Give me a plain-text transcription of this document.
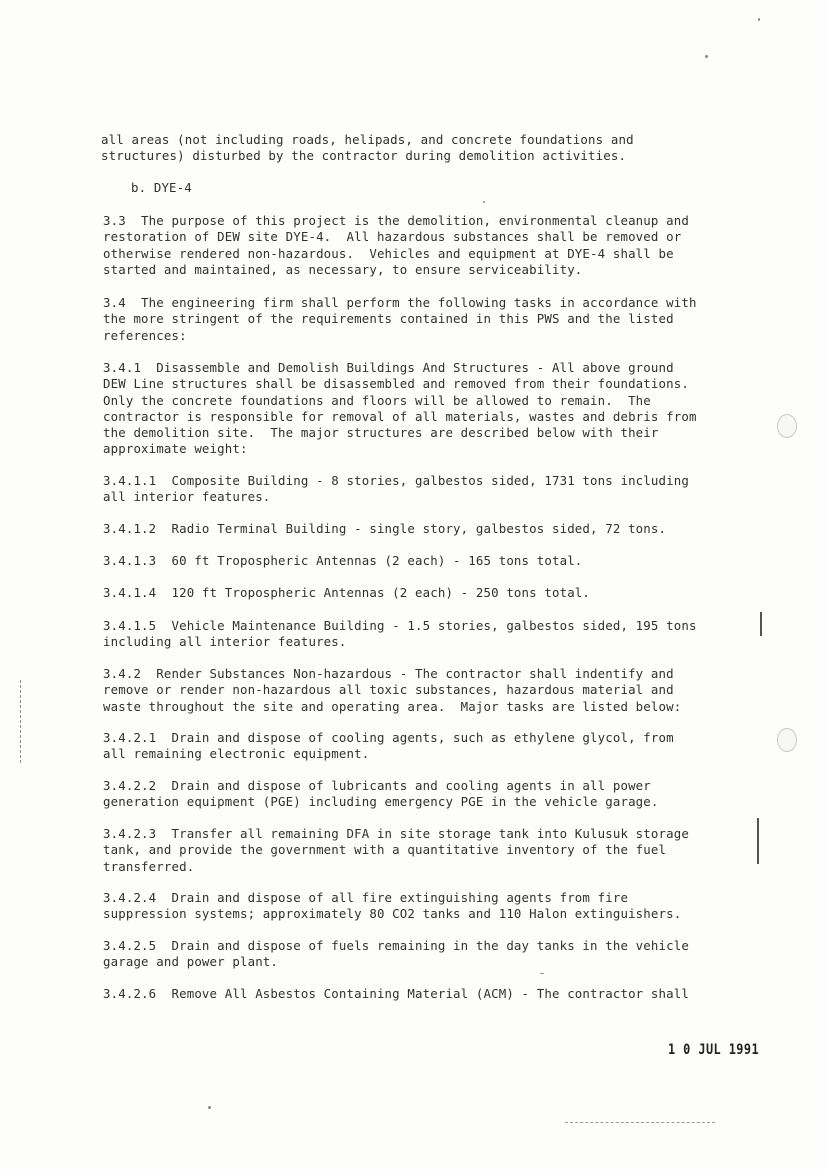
all areas (not including roads, helipads, and concrete foundations and
structures) disturbed by the contractor during demolition activities.

b. DYE-4

3.3  The purpose of this project is the demolition, environmental cleanup and
restoration of DEW site DYE-4.  All hazardous substances shall be removed or
otherwise rendered non-hazardous.  Vehicles and equipment at DYE-4 shall be
started and maintained, as necessary, to ensure serviceability.

3.4  The engineering firm shall perform the following tasks in accordance with
the more stringent of the requirements contained in this PWS and the listed
references:

3.4.1  Disassemble and Demolish Buildings And Structures - All above ground
DEW Line structures shall be disassembled and removed from their foundations.
Only the concrete foundations and floors will be allowed to remain.  The
contractor is responsible for removal of all materials, wastes and debris from
the demolition site.  The major structures are described below with their
approximate weight:

3.4.1.1  Composite Building - 8 stories, galbestos sided, 1731 tons including
all interior features.

3.4.1.2  Radio Terminal Building - single story, galbestos sided, 72 tons.

3.4.1.3  60 ft Tropospheric Antennas (2 each) - 165 tons total.

3.4.1.4  120 ft Tropospheric Antennas (2 each) - 250 tons total.

3.4.1.5  Vehicle Maintenance Building - 1.5 stories, galbestos sided, 195 tons
including all interior features.

3.4.2  Render Substances Non-hazardous - The contractor shall indentify and
remove or render non-hazardous all toxic substances, hazardous material and
waste throughout the site and operating area.  Major tasks are listed below:

3.4.2.1  Drain and dispose of cooling agents, such as ethylene glycol, from
all remaining electronic equipment.

3.4.2.2  Drain and dispose of lubricants and cooling agents in all power
generation equipment (PGE) including emergency PGE in the vehicle garage.

3.4.2.3  Transfer all remaining DFA in site storage tank into Kulusuk storage
tank, and provide the government with a quantitative inventory of the fuel
transferred.

3.4.2.4  Drain and dispose of all fire extinguishing agents from fire
suppression systems; approximately 80 CO2 tanks and 110 Halon extinguishers.

3.4.2.5  Drain and dispose of fuels remaining in the day tanks in the vehicle
garage and power plant.

3.4.2.6  Remove All Asbestos Containing Material (ACM) - The contractor shall

1 0 JUL 1991
